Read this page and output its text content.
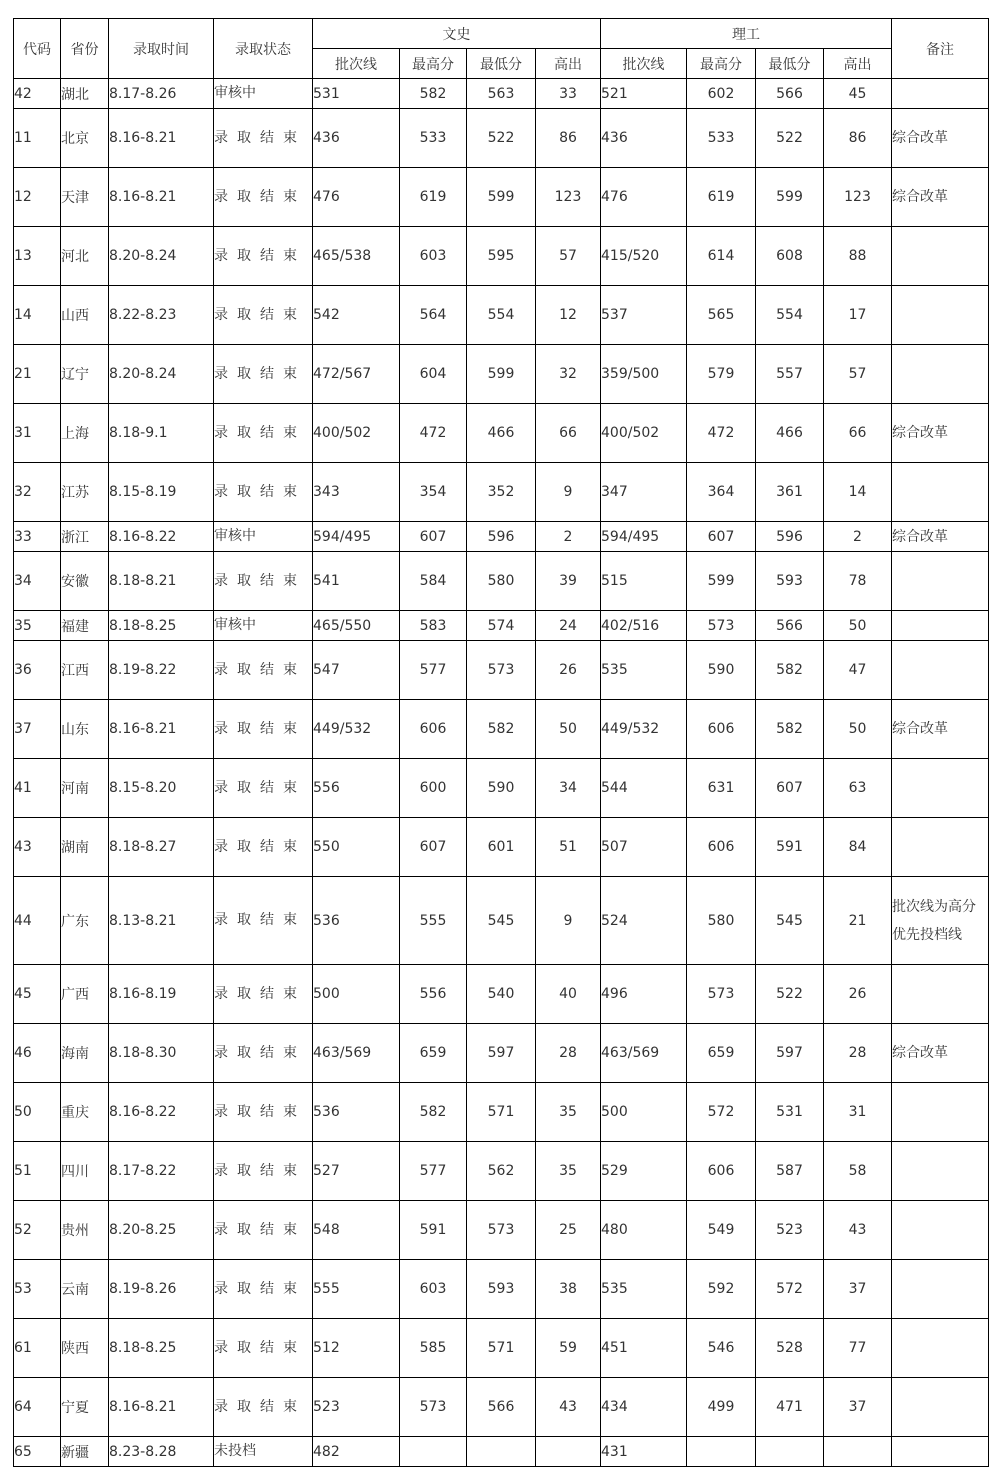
代码	省份	录取时间	录取状态	文史				理工				备注
				批次线	最高分	最低分	高出	批次线	最高分	最低分	高出	
42	湖北	8.17-8.26	审核中	531	582	563	33	521	602	566	45	
11	北京	8.16-8.21	录取结束	436	533	522	86	436	533	522	86	综合改革
12	天津	8.16-8.21	录取结束	476	619	599	123	476	619	599	123	综合改革
13	河北	8.20-8.24	录取结束	465/538	603	595	57	415/520	614	608	88	
14	山西	8.22-8.23	录取结束	542	564	554	12	537	565	554	17	
21	辽宁	8.20-8.24	录取结束	472/567	604	599	32	359/500	579	557	57	
31	上海	8.18-9.1	录取结束	400/502	472	466	66	400/502	472	466	66	综合改革
32	江苏	8.15-8.19	录取结束	343	354	352	9	347	364	361	14	
33	浙江	8.16-8.22	审核中	594/495	607	596	2	594/495	607	596	2	综合改革
34	安徽	8.18-8.21	录取结束	541	584	580	39	515	599	593	78	
35	福建	8.18-8.25	审核中	465/550	583	574	24	402/516	573	566	50	
36	江西	8.19-8.22	录取结束	547	577	573	26	535	590	582	47	
37	山东	8.16-8.21	录取结束	449/532	606	582	50	449/532	606	582	50	综合改革
41	河南	8.15-8.20	录取结束	556	600	590	34	544	631	607	63	
43	湖南	8.18-8.27	录取结束	550	607	601	51	507	606	591	84	
44	广东	8.13-8.21	录取结束	536	555	545	9	524	580	545	21	批次线为高分优先投档线
45	广西	8.16-8.19	录取结束	500	556	540	40	496	573	522	26	
46	海南	8.18-8.30	录取结束	463/569	659	597	28	463/569	659	597	28	综合改革
50	重庆	8.16-8.22	录取结束	536	582	571	35	500	572	531	31	
51	四川	8.17-8.22	录取结束	527	577	562	35	529	606	587	58	
52	贵州	8.20-8.25	录取结束	548	591	573	25	480	549	523	43	
53	云南	8.19-8.26	录取结束	555	603	593	38	535	592	572	37	
61	陕西	8.18-8.25	录取结束	512	585	571	59	451	546	528	77	
64	宁夏	8.16-8.21	录取结束	523	573	566	43	434	499	471	37	
65	新疆	8.23-8.28	未投档	482				431				
